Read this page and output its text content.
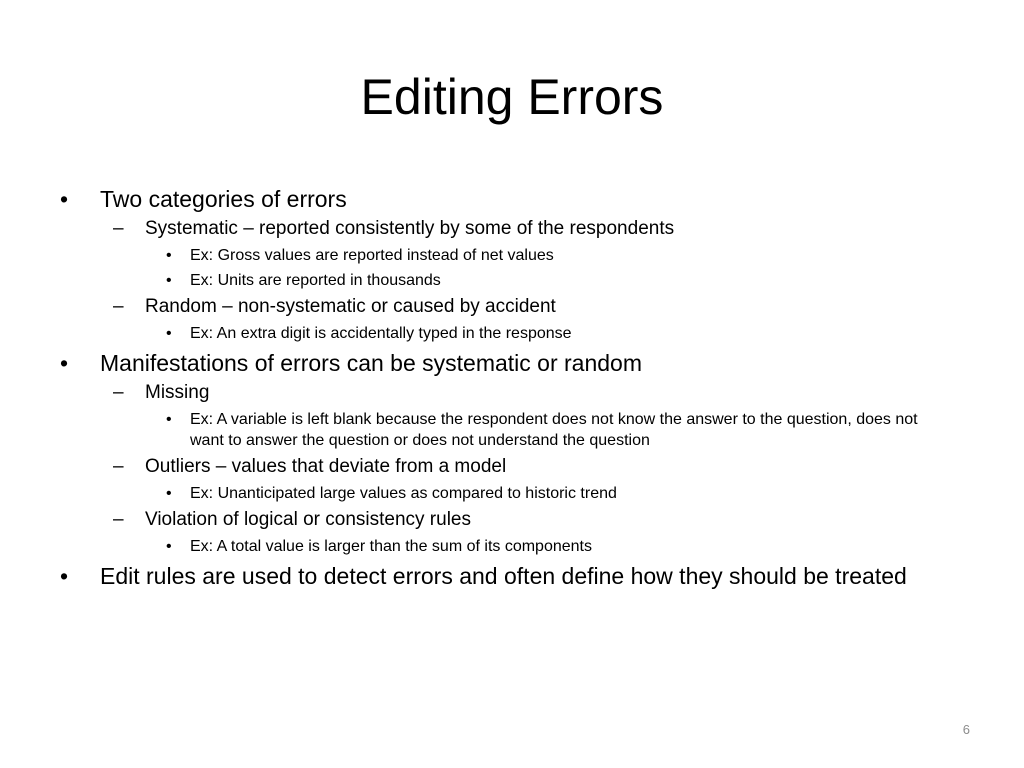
Editing Errors
•	Two categories of errors
–	Systematic – reported consistently by some of the respondents
•	Ex: Gross values are reported instead of net values
•	Ex: Units are reported in thousands
–	Random – non-systematic or caused by accident
•	Ex: An extra digit is accidentally typed in the response
•	Manifestations of errors can be systematic or random
–	Missing
•	Ex: A variable is left blank because the respondent does not know the answer to the question, does not want to answer the question or does not understand the question
–	Outliers – values that deviate from a model
•	Ex: Unanticipated large values as compared to historic trend
–	Violation of logical or consistency rules
•	Ex: A total value is larger than the sum of its components
•	Edit rules are used to detect errors and often define how they should be treated
6
